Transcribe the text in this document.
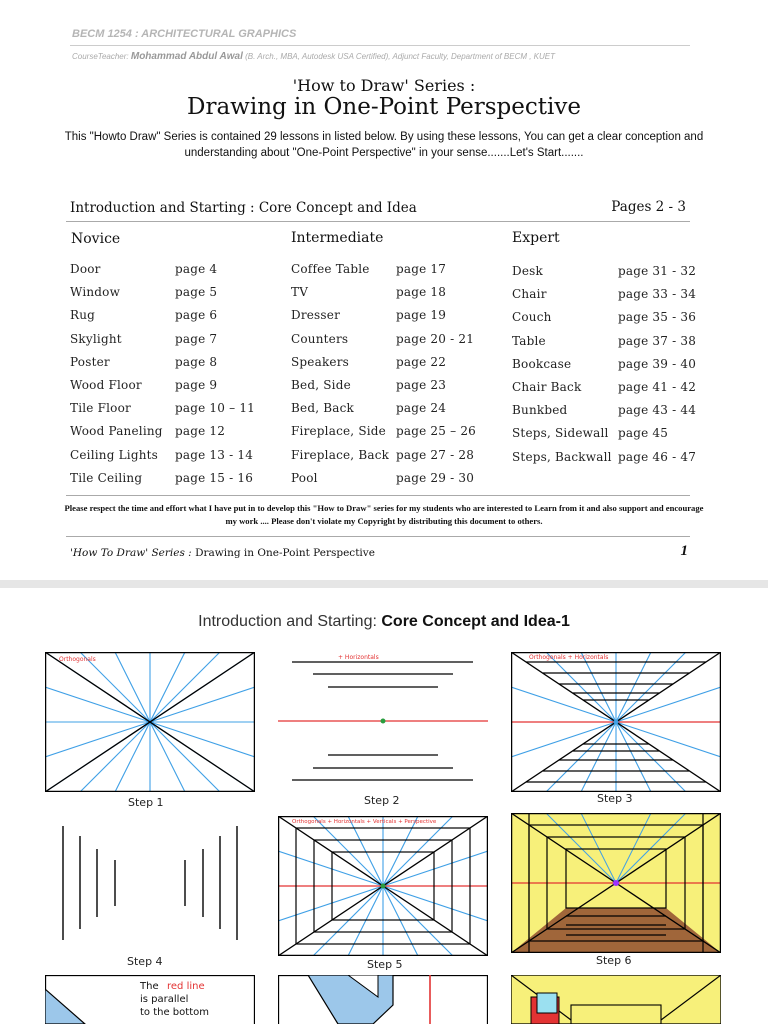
BECM 1254 : ARCHITECTURAL GRAPHICS
CourseTeacher: Mohammad Abdul Awal (B. Arch., MBA, Autodesk USA Certified), Adjunct Faculty, Department of BECM , KUET
'How to Draw' Series :
Drawing in One-Point Perspective
This "Howto Draw" Series is contained 29 lessons in listed below. By using these lessons, You can get a clear conception and understanding about "One-Point Perspective" in your sense.......Let's Start.......
Introduction and Starting : Core Concept and Idea	Pages 2 - 3
Novice	Intermediate	Expert
Door	page 4
Window	page 5
Rug	page 6
Skylight	page 7
Poster	page 8
Wood Floor	page 9
Tile Floor	page 10 – 11
Wood Paneling page 12
Ceiling Lights page 13 - 14
Tile Ceiling	page 15 - 16
Coffee Table page 17
TV	page 18
Dresser	page 19
Counters	page 20 - 21
Speakers	page 22
Bed, Side	page 23
Bed, Back	page 24
Fireplace, Side page 25 – 26
Fireplace, Back page 27 - 28
Pool	page 29 - 30
Desk	page 31 - 32
Chair	page 33 - 34
Couch	page 35 - 36
Table	page 37 - 38
Bookcase	page 39 - 40
Chair Back	page 41 - 42
Bunkbed	page 43 - 44
Steps, Sidewall page 45
Steps, Backwall page 46 - 47
Please respect the time and effort what I have put in to develop this "How to Draw" series for my students who are interested to Learn from it and also support and encourage my work .... Please don't violate my Copyright by distributing this document to others.
'How To Draw' Series : Drawing in One-Point Perspective	1
Introduction and Starting: Core Concept and Idea-1
Orthogonals
Step 1
+ Horizontals
Step 2
Orthogonals + Horizontals
Step 3
Step 4
Orthogonals + Horizontals + Verticals + Perspective
Step 5	Step 6
The red line
is parallel
to the bottom
